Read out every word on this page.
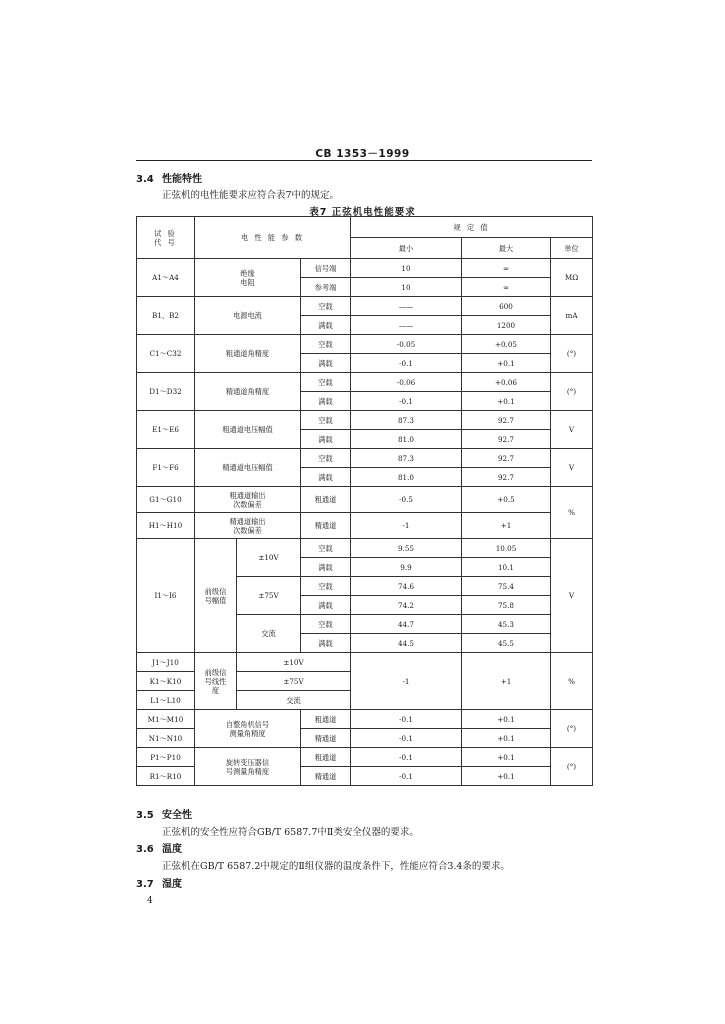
CB 1353－1999
3.4 性能特性
正弦机的电性能要求应符合表7中的规定。
表7 正弦机电性能要求
试 验
代 号	电 性 能 参 数			规 定 值		
				最小	最大	单位
A1～A4	绝缘
电阻		信号端	10	∞	MΩ
			参考端	10	∞	
B1、B2	电源电流		空载	——	600	mA
			满载	——	1200	
C1～C32	粗通道角精度		空载	-0.05	+0.05	(°)
			满载	-0.1	+0.1	
D1～D32	精通道角精度		空载	-0.06	+0.06	(°)
			满载	-0.1	+0.1	
E1～E6	粗通道电压幅值		空载	87.3	92.7	V
			满载	81.0	92.7	
F1～F6	精通道电压幅值		空载	87.3	92.7	V
			满载	81.0	92.7	
G1～G10	粗通道输出
次数偏差		粗通道	-0.5	+0.5	%
H1～H10	精通道输出
次数偏差		精通道	-1	+1	
I1～I6	前级信
号幅值	±10V	空载	9.55	10.05	V
			满载	9.9	10.1	
		±75V	空载	74.6	75.4	
			满载	74.2	75.8	
		交流	空载	44.7	45.3	
			满载	44.5	45.5	
J1～J10	前级信
号线性
度	±10V		-1	+1	%
K1～K10		±75V				
L1～L10		交流				
M1～M10	自整角机信号
测量角精度		粗通道	-0.1	+0.1	(°)
N1～N10			精通道	-0.1	+0.1	
P1～P10	旋转变压器信
号测量角精度		粗通道	-0.1	+0.1	(°)
R1～R10			精通道	-0.1	+0.1	
3.5 安全性
正弦机的安全性应符合GB/T 6587.7中Ⅱ类安全仪器的要求。
3.6 温度
正弦机在GB/T 6587.2中规定的Ⅱ组仪器的温度条件下，性能应符合3.4条的要求。
3.7 湿度
4
